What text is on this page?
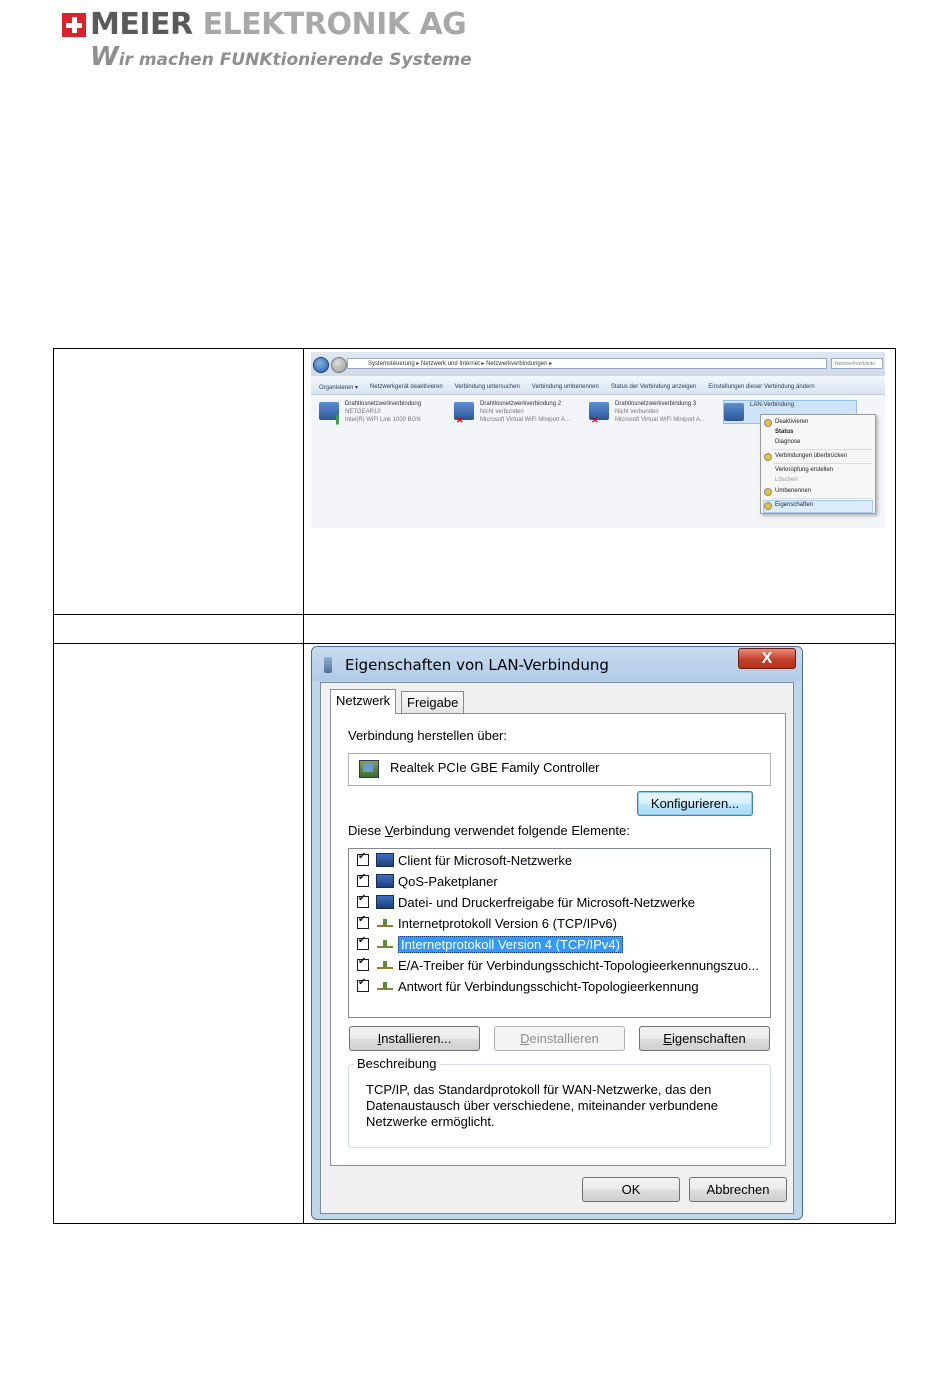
MEIER ELEKTRONIK AG
Wir machen FUNKtionierende Systeme
Systemsteuerung ▸ Netzwerk und Internet ▸ Netzwerkverbindungen ▸	Netzwerkverbindu
Organisieren ▾ Netzwerkgerät deaktivieren Verbindung untersuchen Verbindung umbenennen Status der Verbindung anzeigen Einstellungen dieser Verbindung ändern
▐
Drahtlosnetzwerkverbindung
NETGEAR10
Intel(R) WiFi Link 1000 BGN	✕
Drahtlosnetzwerkverbindung 2
Nicht verbunden
Microsoft Virtual WiFi Miniport A... ✕
Drahtlosnetzwerkverbindung 3
Nicht verbunden
Microsoft Virtual WiFi Miniport A...
LAN-Verbindung
Deaktivieren
Status
Diagnose
Verbindungen überbrücken
Verknüpfung erstellen
Löschen
Umbenennen
Eigenschaften
Eigenschaften von LAN-Verbindung	X
Netzwerk	Freigabe
Verbindung herstellen über:
Realtek PCIe GBE Family Controller
Konfigurieren...
Diese Verbindung verwendet folgende Elemente:
✔
Client für Microsoft-Netzwerke
✔
QoS-Paketplaner
✔
Datei- und Druckerfreigabe für Microsoft-Netzwerke
✔
Internetprotokoll Version 6 (TCP/IPv6)
✔
Internetprotokoll Version 4 (TCP/IPv4)
✔
E/A-Treiber für Verbindungsschicht-Topologieerkennungszuo...
✔
Antwort für Verbindungsschicht-Topologieerkennung
Installieren...	Deinstallieren	Eigenschaften
Beschreibung
TCP/IP, das Standardprotokoll für WAN-Netzwerke, das den Datenaustausch über verschiedene, miteinander verbundene Netzwerke ermöglicht.
OK	Abbrechen
